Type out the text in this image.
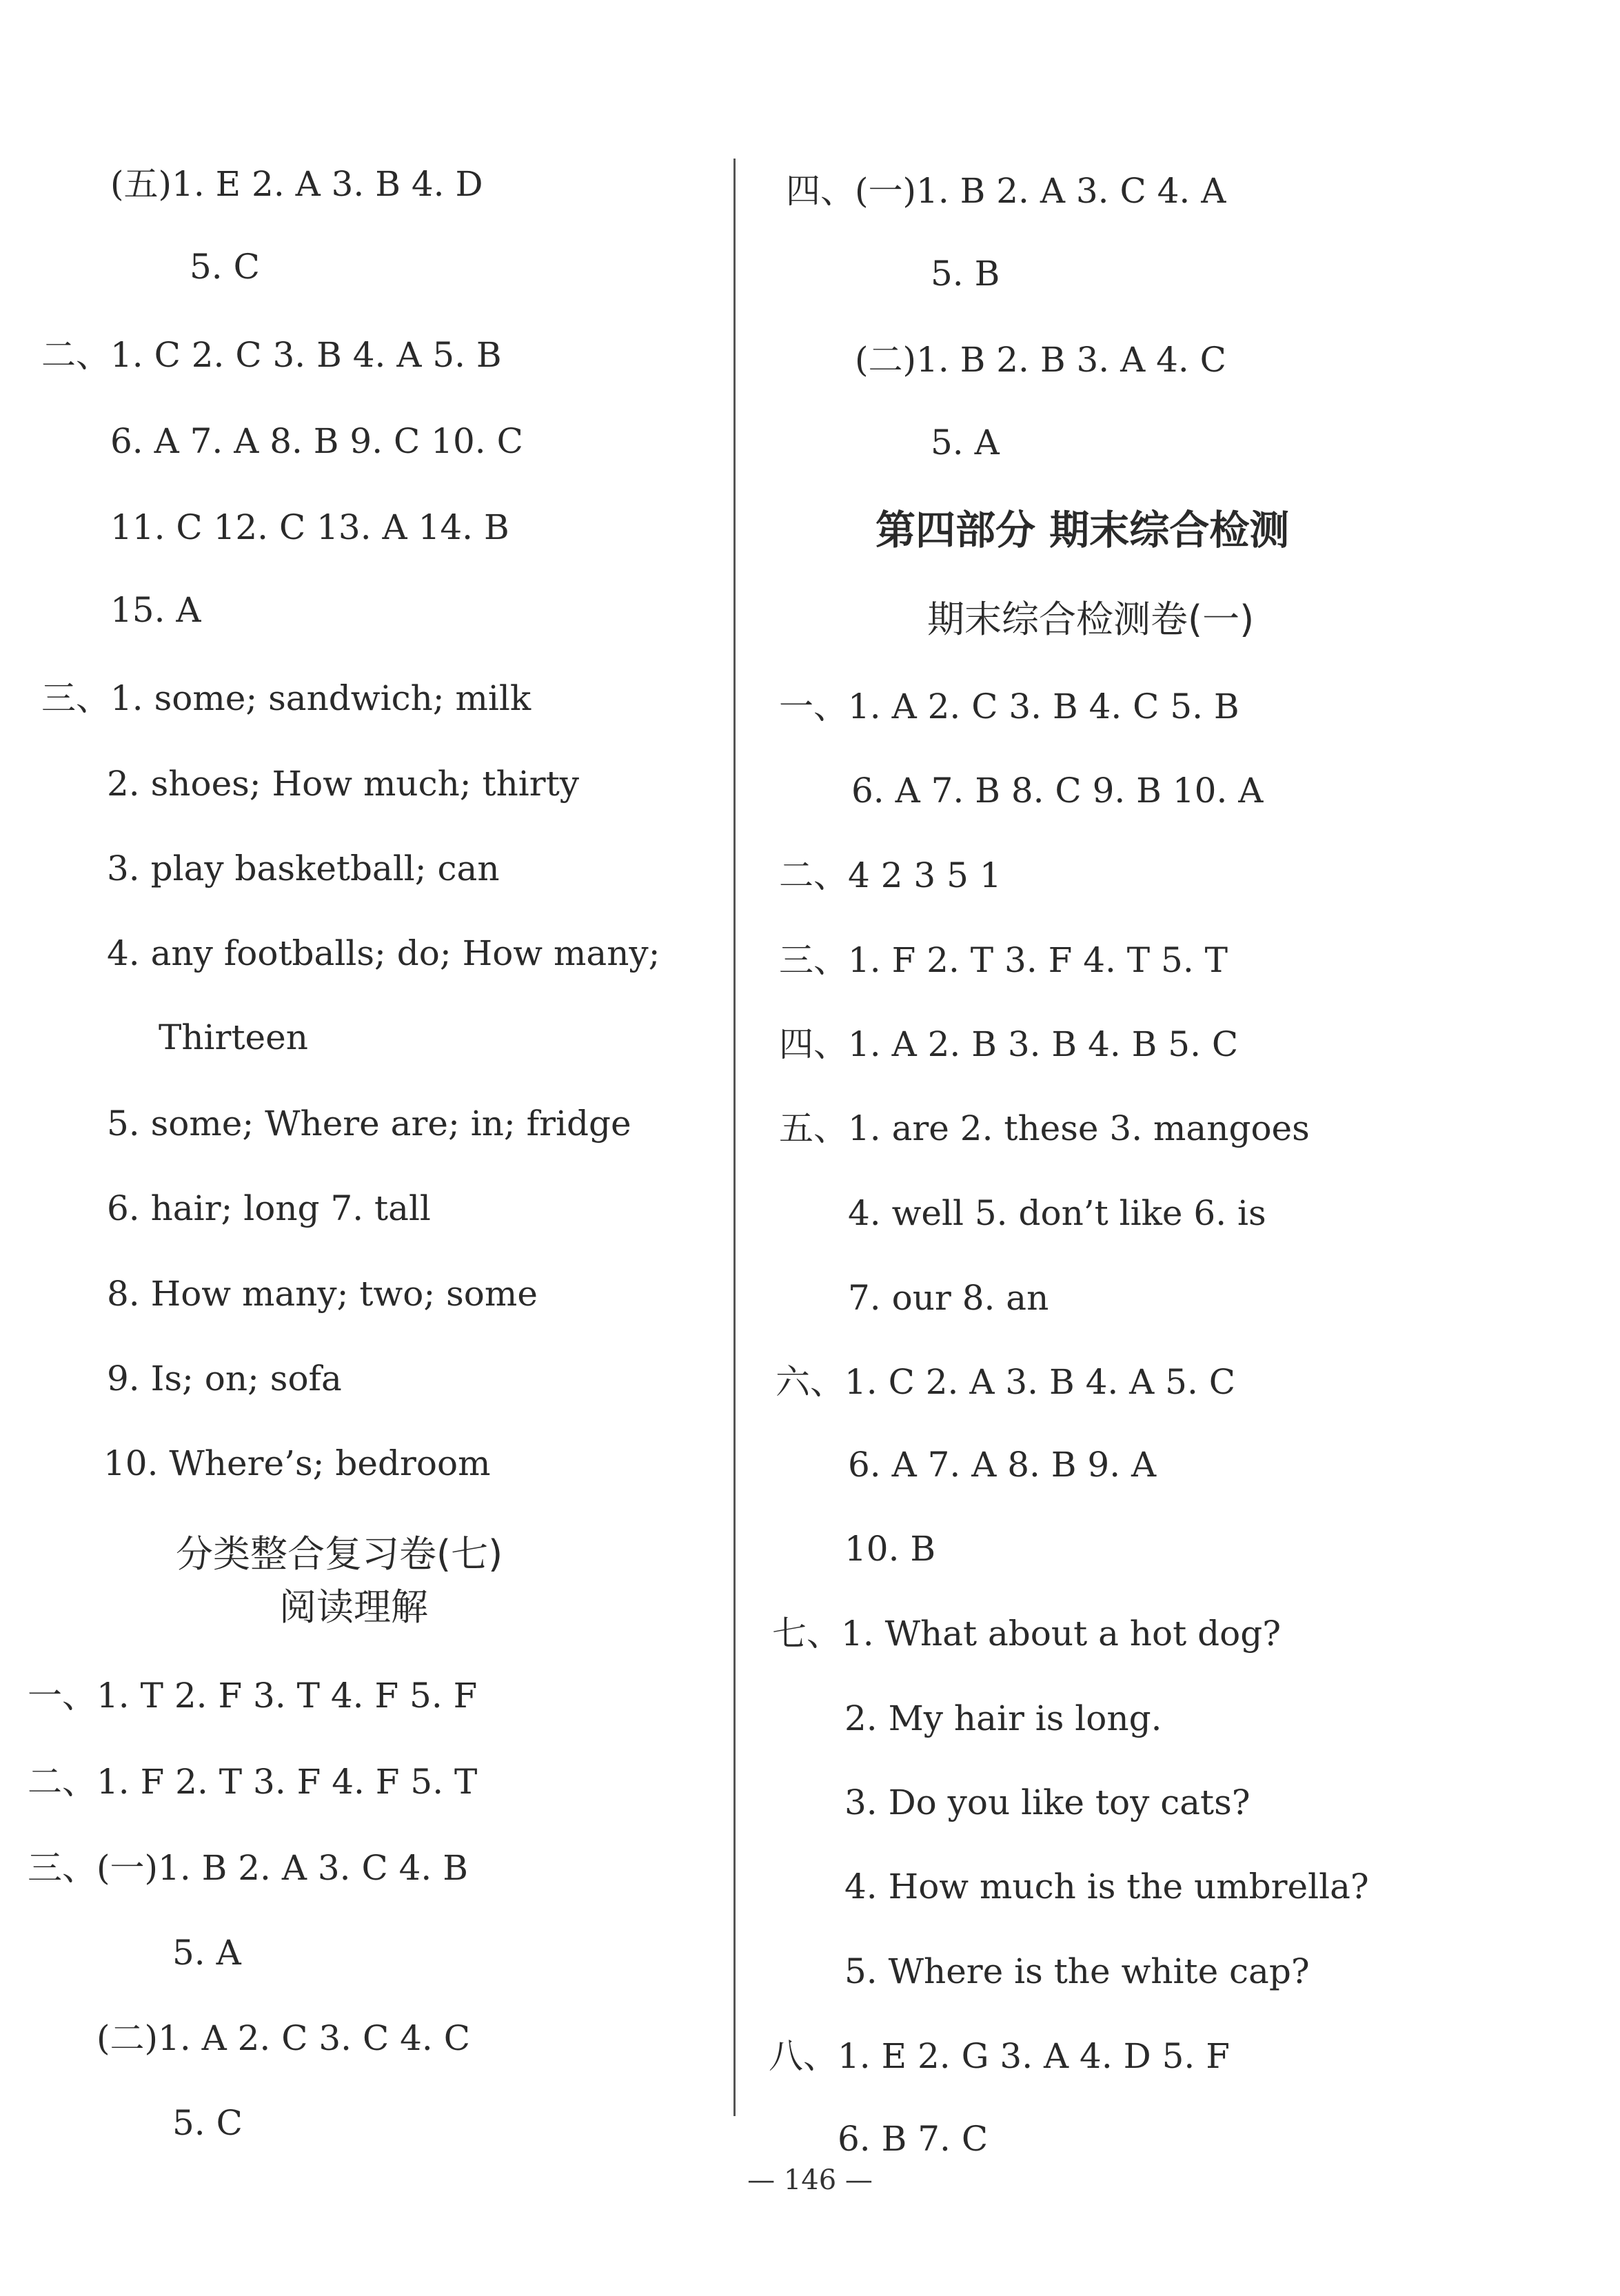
(五)1. E 2. A 3. B 4. D
5. C
二、1. C 2. C 3. B 4. A 5. B
6. A 7. A 8. B 9. C 10. C
11. C 12. C 13. A 14. B
15. A
三、1. some; sandwich; milk
2. shoes; How much; thirty
3. play basketball; can
4. any footballs; do; How many;
Thirteen
5. some; Where are; in; fridge
6. hair; long 7. tall
8. How many; two; some
9. Is; on; sofa
10. Where’s; bedroom
分类整合复习卷(七)
阅读理解
一、1. T 2. F 3. T 4. F 5. F
二、1. F 2. T 3. F 4. F 5. T
三、(一)1. B 2. A 3. C 4. B
5. A
(二)1. A 2. C 3. C 4. C
5. C
四、(一)1. B 2. A 3. C 4. A
5. B
(二)1. B 2. B 3. A 4. C
5. A
第四部分 期末综合检测
期末综合检测卷(一)
一、1. A 2. C 3. B 4. C 5. B
6. A 7. B 8. C 9. B 10. A
二、4 2 3 5 1
三、1. F 2. T 3. F 4. T 5. T
四、1. A 2. B 3. B 4. B 5. C
五、1. are 2. these 3. mangoes
4. well 5. don’t like 6. is
7. our 8. an
六、1. C 2. A 3. B 4. A 5. C
6. A 7. A 8. B 9. A
10. B
七、1. What about a hot dog?
2. My hair is long.
3. Do you like toy cats?
4. How much is the umbrella?
5. Where is the white cap?
八、1. E 2. G 3. A 4. D 5. F
6. B 7. C
— 146 —
